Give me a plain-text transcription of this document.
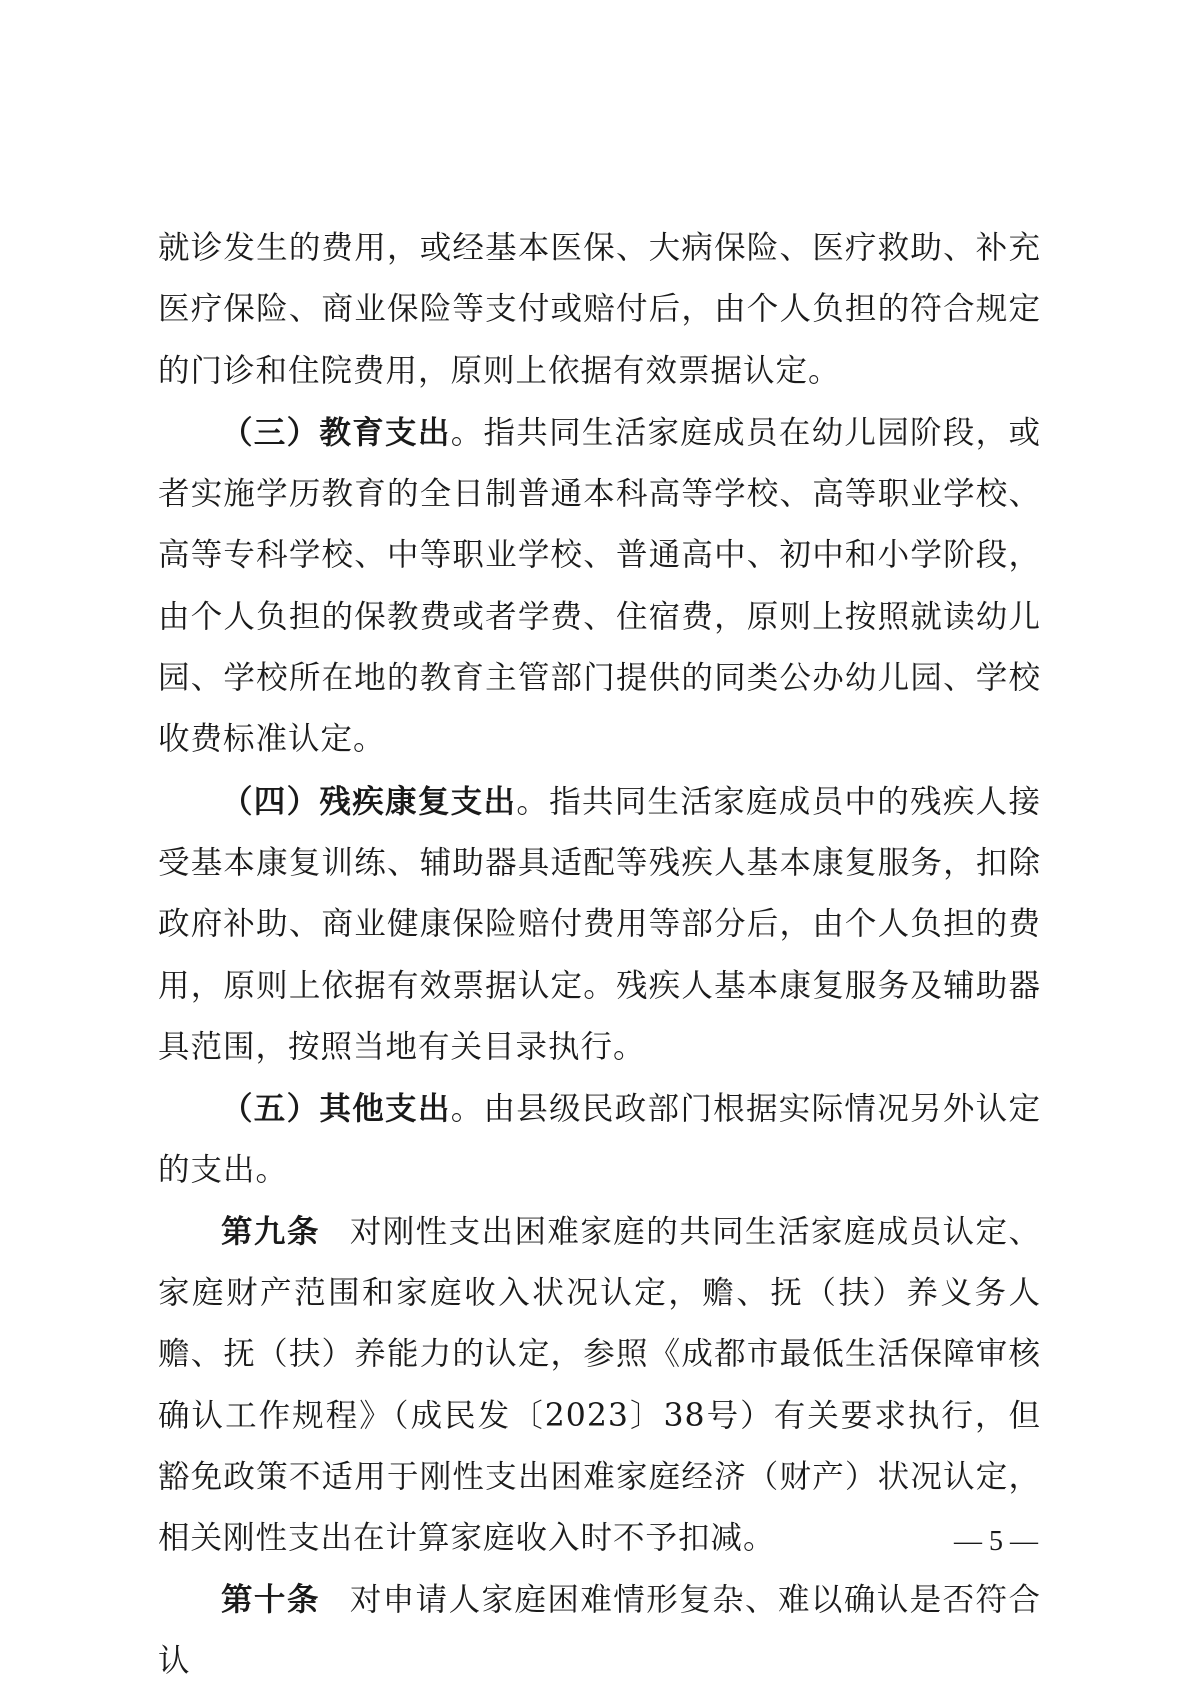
就诊发生的费用，或经基本医保、大病保险、医疗救助、补充医疗保险、商业保险等支付或赔付后，由个人负担的符合规定的门诊和住院费用，原则上依据有效票据认定。

（三）教育支出。指共同生活家庭成员在幼儿园阶段，或者实施学历教育的全日制普通本科高等学校、高等职业学校、高等专科学校、中等职业学校、普通高中、初中和小学阶段，由个人负担的保教费或者学费、住宿费，原则上按照就读幼儿园、学校所在地的教育主管部门提供的同类公办幼儿园、学校收费标准认定。

（四）残疾康复支出。指共同生活家庭成员中的残疾人接受基本康复训练、辅助器具适配等残疾人基本康复服务，扣除政府补助、商业健康保险赔付费用等部分后，由个人负担的费用，原则上依据有效票据认定。残疾人基本康复服务及辅助器具范围，按照当地有关目录执行。

（五）其他支出。由县级民政部门根据实际情况另外认定的支出。

第九条 对刚性支出困难家庭的共同生活家庭成员认定、家庭财产范围和家庭收入状况认定，赡、抚（扶）养义务人赡、抚（扶）养能力的认定，参照《成都市最低生活保障审核确认工作规程》（成民发〔2023〕38号）有关要求执行，但豁免政策不适用于刚性支出困难家庭经济（财产）状况认定，相关刚性支出在计算家庭收入时不予扣减。

第十条 对申请人家庭困难情形复杂、难以确认是否符合认

— 5 —
